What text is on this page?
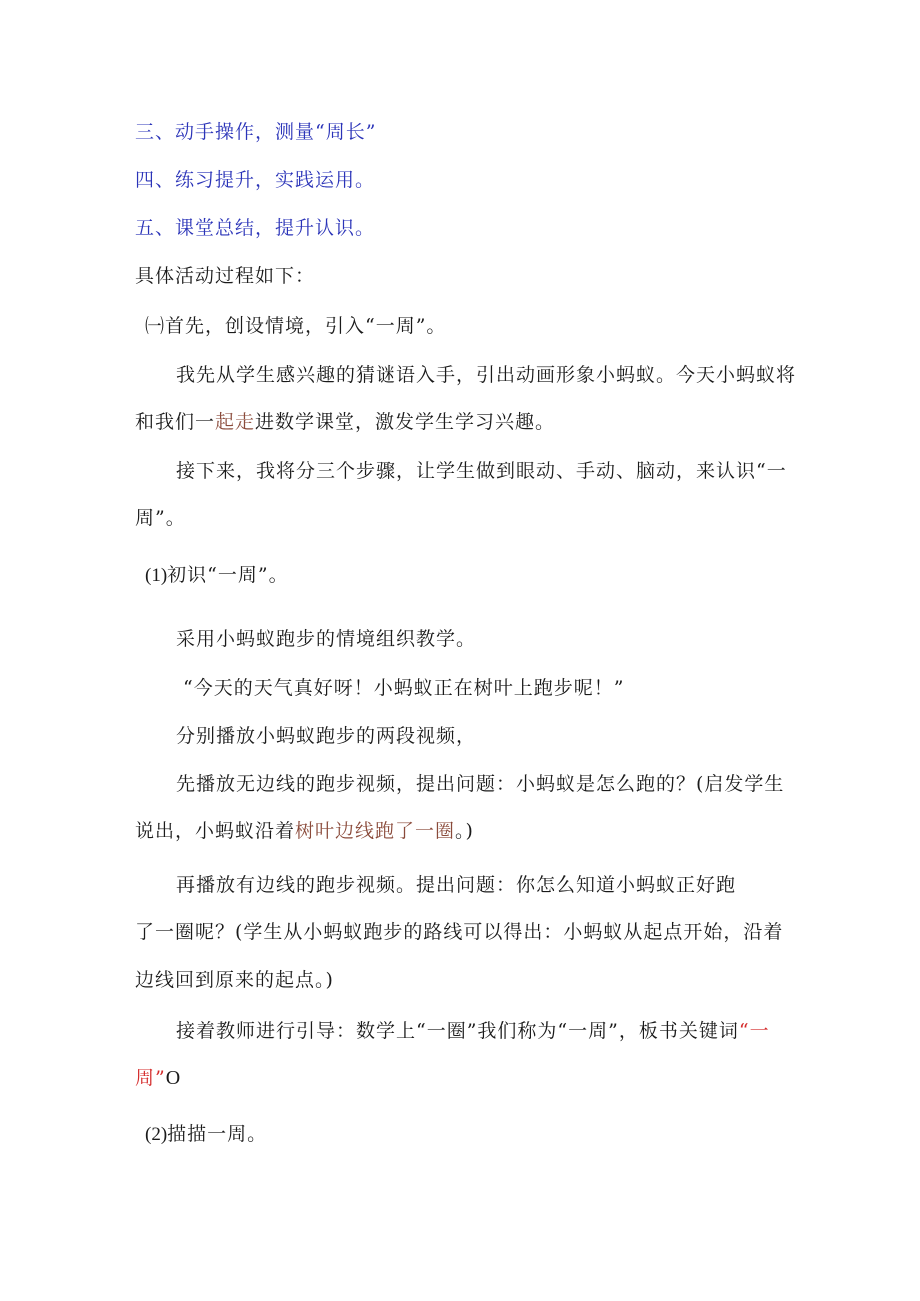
三、动手操作，测量“周长”
四、练习提升，实践运用。
五、课堂总结，提升认识。
具体活动过程如下：
㈠首先，创设情境，引入“一周”。
我先从学生感兴趣的猜谜语入手，引出动画形象小蚂蚁。今天小蚂蚁将
和我们一起走进数学课堂，激发学生学习兴趣。
接下来，我将分三个步骤，让学生做到眼动、手动、脑动，来认识“一
周”。
(1)初识“一周”。
采用小蚂蚁跑步的情境组织教学。
“今天的天气真好呀！小蚂蚁正在树叶上跑步呢！”
分别播放小蚂蚁跑步的两段视频，
先播放无边线的跑步视频，提出问题：小蚂蚁是怎么跑的？(启发学生
说出，小蚂蚁沿着树叶边线跑了一圈。)
再播放有边线的跑步视频。提出问题：你怎么知道小蚂蚁正好跑
了一圈呢？(学生从小蚂蚁跑步的路线可以得出：小蚂蚁从起点开始，沿着
边线回到原来的起点。)
接着教师进行引导：数学上“一圈”我们称为“一周”，板书关键词“一
周”O
(2)描描一周。
